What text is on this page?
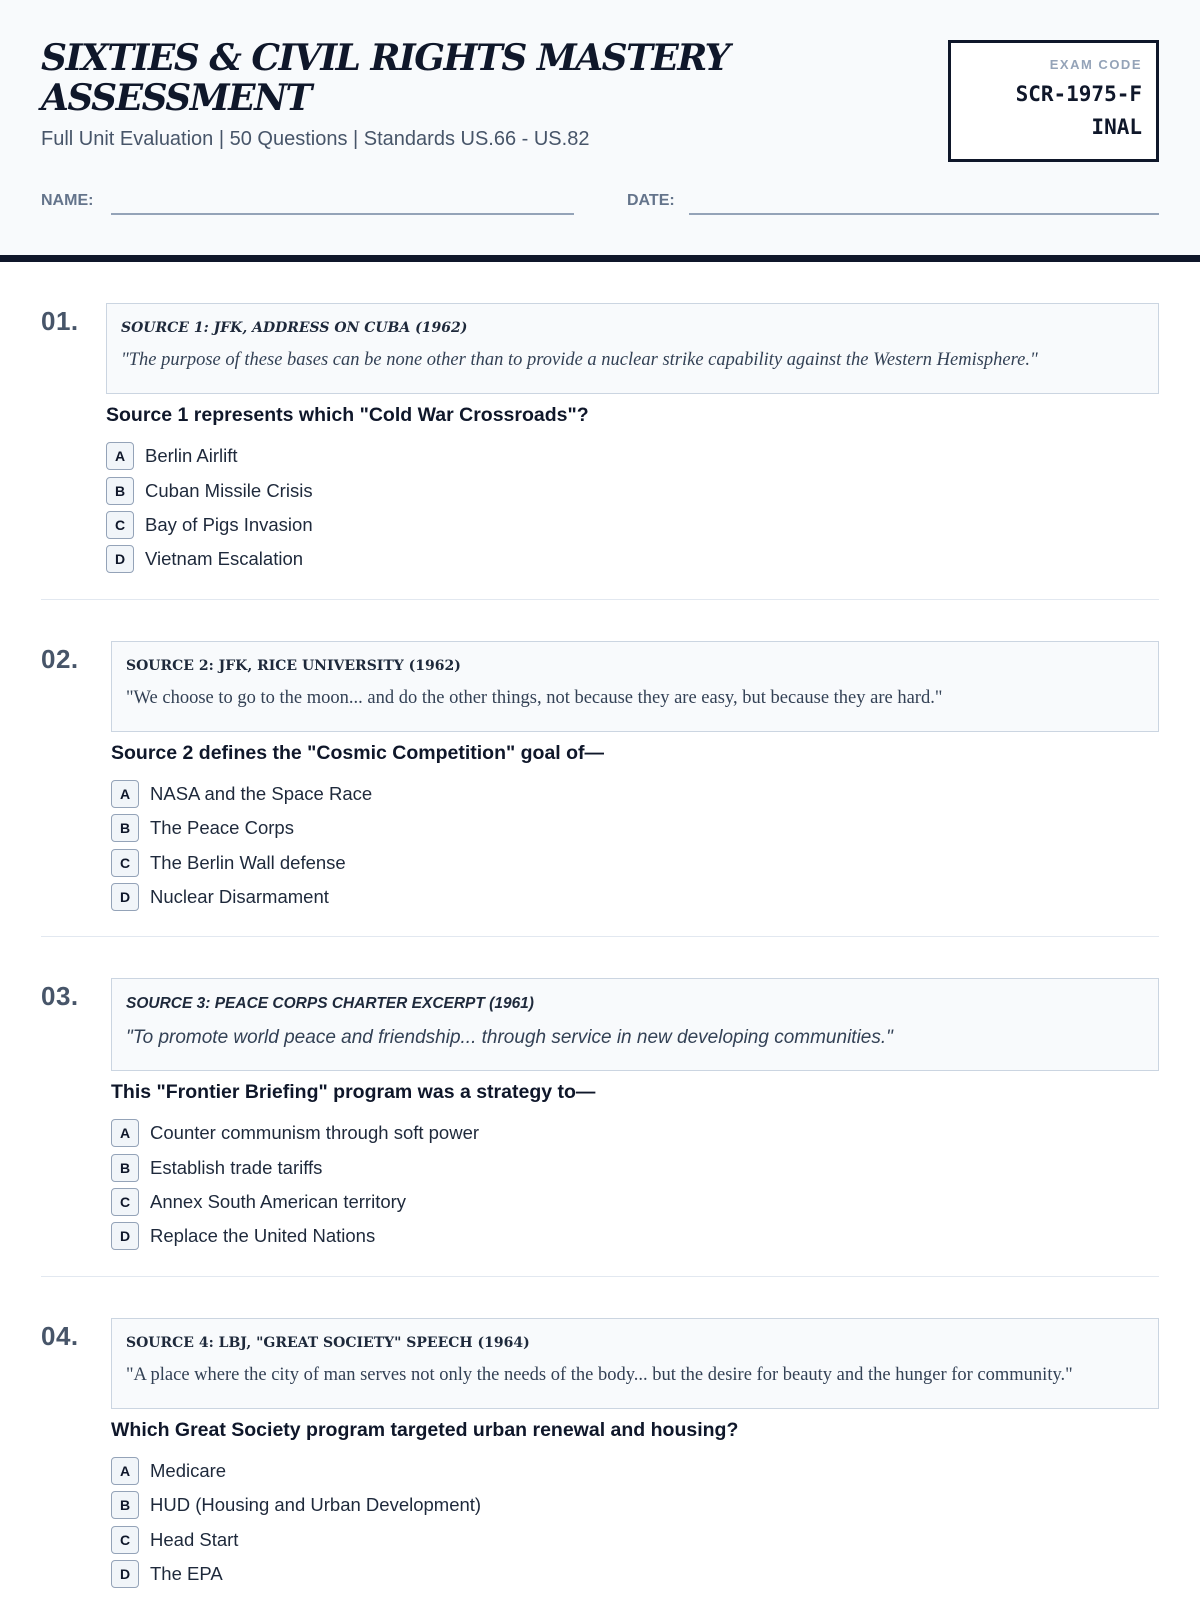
SIXTIES & CIVIL RIGHTS MASTERY ASSESSMENT
Full Unit Evaluation | 50 Questions | Standards US.66 - US.82
EXAM CODE
SCR-1975-FINAL
NAME:	DATE:
01.	SOURCE 1: JFK, ADDRESS ON CUBA (1962)
"The purpose of these bases can be none other than to provide a nuclear strike capability against the Western Hemisphere."
Source 1 represents which "Cold War Crossroads"?
A	Berlin Airlift
B	Cuban Missile Crisis
C	Bay of Pigs Invasion
D	Vietnam Escalation
02.	SOURCE 2: JFK, RICE UNIVERSITY (1962)
"We choose to go to the moon... and do the other things, not because they are easy, but because they are hard."
Source 2 defines the "Cosmic Competition" goal of—
A	NASA and the Space Race
B	The Peace Corps
C	The Berlin Wall defense
D	Nuclear Disarmament
03.	SOURCE 3: PEACE CORPS CHARTER EXCERPT (1961)
"To promote world peace and friendship... through service in new developing communities."
This "Frontier Briefing" program was a strategy to—
A	Counter communism through soft power
B	Establish trade tariffs
C	Annex South American territory
D	Replace the United Nations
04.	SOURCE 4: LBJ, "GREAT SOCIETY" SPEECH (1964)
"A place where the city of man serves not only the needs of the body... but the desire for beauty and the hunger for community."
Which Great Society program targeted urban renewal and housing?
A	Medicare
B	HUD (Housing and Urban Development)
C	Head Start
D	The EPA
